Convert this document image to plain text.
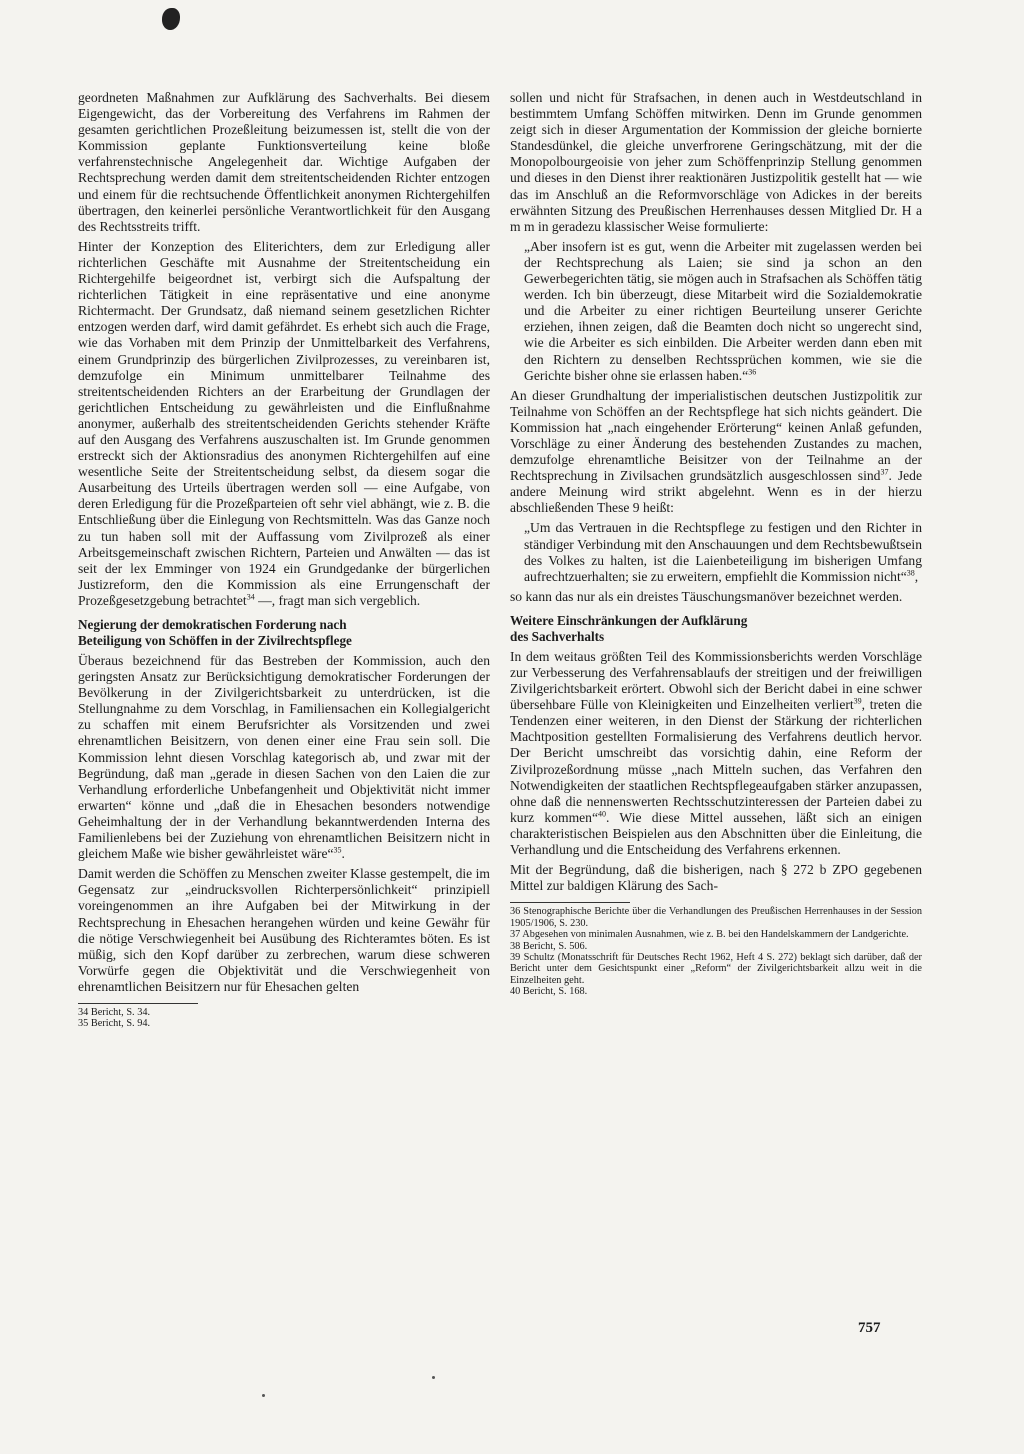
geordneten Maßnahmen zur Aufklärung des Sachverhalts. Bei diesem Eigengewicht, das der Vorbereitung des Verfahrens im Rahmen der gesamten gerichtlichen Prozeßleitung beizumessen ist, stellt die von der Kommission geplante Funktionsverteilung keine bloße verfahrenstechnische Angelegenheit dar. Wichtige Aufgaben der Rechtsprechung werden damit dem streitentscheidenden Richter entzogen und einem für die rechtsuchende Öffentlichkeit anonymen Richtergehilfen übertragen, den keinerlei persönliche Verantwortlichkeit für den Ausgang des Rechtsstreits trifft.

Hinter der Konzeption des Eliterichters, dem zur Erledigung aller richterlichen Geschäfte mit Ausnahme der Streitentscheidung ein Richtergehilfe beigeordnet ist, verbirgt sich die Aufspaltung der richterlichen Tätigkeit in eine repräsentative und eine anonyme Richtermacht. Der Grundsatz, daß niemand seinem gesetzlichen Richter entzogen werden darf, wird damit gefährdet. Es erhebt sich auch die Frage, wie das Vorhaben mit dem Prinzip der Unmittelbarkeit des Verfahrens, einem Grundprinzip des bürgerlichen Zivilprozesses, zu vereinbaren ist, demzufolge ein Minimum unmittelbarer Teilnahme des streitentscheidenden Richters an der Erarbeitung der Grundlagen der gerichtlichen Entscheidung zu gewährleisten und die Einflußnahme anonymer, außerhalb des streitentscheidenden Gerichts stehender Kräfte auf den Ausgang des Verfahrens auszuschalten ist. Im Grunde genommen erstreckt sich der Aktionsradius des anonymen Richtergehilfen auf eine wesentliche Seite der Streitentscheidung selbst, da diesem sogar die Ausarbeitung des Urteils übertragen werden soll — eine Aufgabe, von deren Erledigung für die Prozeßparteien oft sehr viel abhängt, wie z. B. die Entschließung über die Einlegung von Rechtsmitteln. Was das Ganze noch zu tun haben soll mit der Auffassung vom Zivilprozeß als einer Arbeitsgemeinschaft zwischen Richtern, Parteien und Anwälten — das ist seit der lex Emminger von 1924 ein Grundgedanke der bürgerlichen Justizreform, den die Kommission als eine Errungenschaft der Prozeßgesetzgebung betrachtet$^{34}$ —, fragt man sich vergeblich.

Negierung der demokratischen Forderung nach
Beteiligung von Schöffen in der Zivilrechtspflege

Überaus bezeichnend für das Bestreben der Kommission, auch den geringsten Ansatz zur Berücksichtigung demokratischer Forderungen der Bevölkerung in der Zivilgerichtsbarkeit zu unterdrücken, ist die Stellungnahme zu dem Vorschlag, in Familiensachen ein Kollegialgericht zu schaffen mit einem Berufsrichter als Vorsitzenden und zwei ehrenamtlichen Beisitzern, von denen einer eine Frau sein soll. Die Kommission lehnt diesen Vorschlag kategorisch ab, und zwar mit der Begründung, daß man „gerade in diesen Sachen von den Laien die zur Verhandlung erforderliche Unbefangenheit und Objektivität nicht immer erwarten“ könne und „daß die in Ehesachen besonders notwendige Geheimhaltung der in der Verhandlung bekanntwerdenden Interna des Familienlebens bei der Zuziehung von ehrenamtlichen Beisitzern nicht in gleichem Maße wie bisher gewährleistet wäre“$^{35}$.

Damit werden die Schöffen zu Menschen zweiter Klasse gestempelt, die im Gegensatz zur „eindrucksvollen Richterpersönlichkeit“ prinzipiell voreingenommen an ihre Aufgaben bei der Mitwirkung in der Rechtsprechung in Ehesachen herangehen würden und keine Gewähr für die nötige Verschwiegenheit bei Ausübung des Richteramtes böten. Es ist müßig, sich den Kopf darüber zu zerbrechen, warum diese schweren Vorwürfe gegen die Objektivität und die Verschwiegenheit von ehrenamtlichen Beisitzern nur für Ehesachen gelten

34 Bericht, S. 34.

35 Bericht, S. 94.

sollen und nicht für Strafsachen, in denen auch in Westdeutschland in bestimmtem Umfang Schöffen mitwirken. Denn im Grunde genommen zeigt sich in dieser Argumentation der Kommission der gleiche bornierte Standesdünkel, die gleiche unverfrorene Geringschätzung, mit der die Monopolbourgeoisie von jeher zum Schöffenprinzip Stellung genommen und dieses in den Dienst ihrer reaktionären Justizpolitik gestellt hat — wie das im Anschluß an die Reformvorschläge von Adickes in der bereits erwähnten Sitzung des Preußischen Herrenhauses dessen Mitglied Dr. H a m m in geradezu klassischer Weise formulierte:

„Aber insofern ist es gut, wenn die Arbeiter mit zugelassen werden bei der Rechtsprechung als Laien; sie sind ja schon an den Gewerbegerichten tätig, sie mögen auch in Strafsachen als Schöffen tätig werden. Ich bin überzeugt, diese Mitarbeit wird die Sozialdemokratie und die Arbeiter zu einer richtigen Beurteilung unserer Gerichte erziehen, ihnen zeigen, daß die Beamten doch nicht so ungerecht sind, wie die Arbeiter es sich einbilden. Die Arbeiter werden dann eben mit den Richtern zu denselben Rechtssprüchen kommen, wie sie die Gerichte bisher ohne sie erlassen haben.“$^{36}$

An dieser Grundhaltung der imperialistischen deutschen Justizpolitik zur Teilnahme von Schöffen an der Rechtspflege hat sich nichts geändert. Die Kommission hat „nach eingehender Erörterung“ keinen Anlaß gefunden, Vorschläge zu einer Änderung des bestehenden Zustandes zu machen, demzufolge ehrenamtliche Beisitzer von der Teilnahme an der Rechtsprechung in Zivilsachen grundsätzlich ausgeschlossen sind$^{37}$. Jede andere Meinung wird strikt abgelehnt. Wenn es in der hierzu abschließenden These 9 heißt:

„Um das Vertrauen in die Rechtspflege zu festigen und den Richter in ständiger Verbindung mit den Anschauungen und dem Rechtsbewußtsein des Volkes zu halten, ist die Laienbeteiligung im bisherigen Umfang aufrechtzuerhalten; sie zu erweitern, empfiehlt die Kommission nicht“$^{38}$,

so kann das nur als ein dreistes Täuschungsmanöver bezeichnet werden.

Weitere Einschränkungen der Aufklärung
des Sachverhalts

In dem weitaus größten Teil des Kommissionsberichts werden Vorschläge zur Verbesserung des Verfahrensablaufs der streitigen und der freiwilligen Zivilgerichtsbarkeit erörtert. Obwohl sich der Bericht dabei in eine schwer übersehbare Fülle von Kleinigkeiten und Einzelheiten verliert$^{39}$, treten die Tendenzen einer weiteren, in den Dienst der Stärkung der richterlichen Machtposition gestellten Formalisierung des Verfahrens deutlich hervor. Der Bericht umschreibt das vorsichtig dahin, eine Reform der Zivilprozeßordnung müsse „nach Mitteln suchen, das Verfahren den Notwendigkeiten der staatlichen Rechtspflegeaufgaben stärker anzupassen, ohne daß die nennenswerten Rechtsschutzinteressen der Parteien dabei zu kurz kommen“$^{40}$. Wie diese Mittel aussehen, läßt sich an einigen charakteristischen Beispielen aus den Abschnitten über die Einleitung, die Verhandlung und die Entscheidung des Verfahrens erkennen.

Mit der Begründung, daß die bisherigen, nach § 272 b ZPO gegebenen Mittel zur baldigen Klärung des Sach-

36 Stenographische Berichte über die Verhandlungen des Preußischen Herrenhauses in der Session 1905/1906, S. 230.

37 Abgesehen von minimalen Ausnahmen, wie z. B. bei den Handelskammern der Landgerichte.

38 Bericht, S. 506.

39 Schultz (Monatsschrift für Deutsches Recht 1962, Heft 4 S. 272) beklagt sich darüber, daß der Bericht unter dem Gesichtspunkt einer „Reform“ der Zivilgerichtsbarkeit allzu weit in die Einzelheiten geht.

40 Bericht, S. 168.

757
